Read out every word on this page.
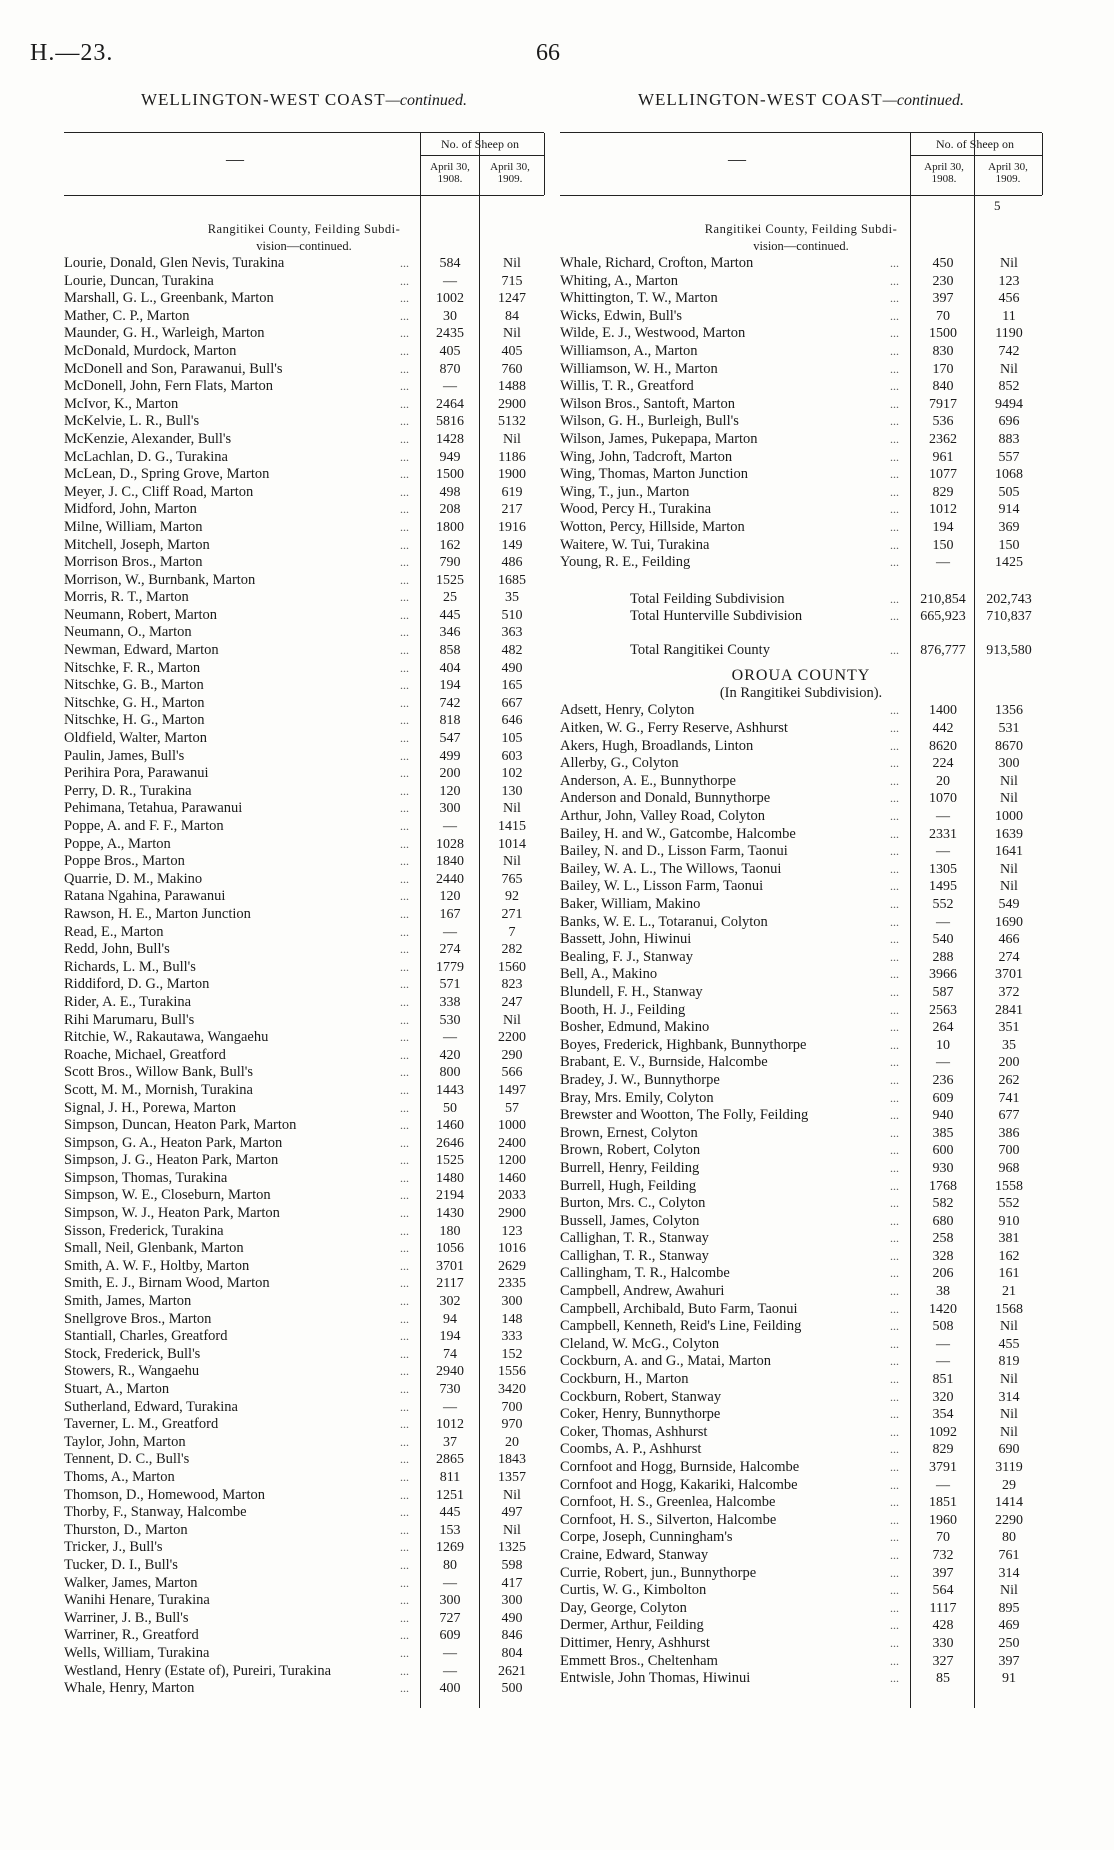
H.—23.	66
WELLINGTON-WEST COAST—continued.
—
No. of Sheep on
April 30, 1908.
April 30, 1909.
Rangitikei County, Feilding Subdi-
vision—continued.
Lourie, Donald, Glen Nevis, Turakina	...	584	Nil
Lourie, Duncan, Turakina	...	—	715
Marshall, G. L., Greenbank, Marton	...	1002	1247
Mather, C. P., Marton	...	30	84
Maunder, G. H., Warleigh, Marton	...	2435	Nil
McDonald, Murdock, Marton	...	405	405
McDonell and Son, Parawanui, Bull's	...	870	760
McDonell, John, Fern Flats, Marton	...	—	1488
McIvor, K., Marton	...	2464	2900
McKelvie, L. R., Bull's	...	5816	5132
McKenzie, Alexander, Bull's	...	1428	Nil
McLachlan, D. G., Turakina	...	949	1186
McLean, D., Spring Grove, Marton	...	1500	1900
Meyer, J. C., Cliff Road, Marton	...	498	619
Midford, John, Marton	...	208	217
Milne, William, Marton	...	1800	1916
Mitchell, Joseph, Marton	...	162	149
Morrison Bros., Marton	...	790	486
Morrison, W., Burnbank, Marton	...	1525	1685
Morris, R. T., Marton	...	25	35
Neumann, Robert, Marton	...	445	510
Neumann, O., Marton	...	346	363
Newman, Edward, Marton	...	858	482
Nitschke, F. R., Marton	...	404	490
Nitschke, G. B., Marton	...	194	165
Nitschke, G. H., Marton	...	742	667
Nitschke, H. G., Marton	...	818	646
Oldfield, Walter, Marton	...	547	105
Paulin, James, Bull's	...	499	603
Perihira Pora, Parawanui	...	200	102
Perry, D. R., Turakina	...	120	130
Pehimana, Tetahua, Parawanui	...	300	Nil
Poppe, A. and F. F., Marton	...	—	1415
Poppe, A., Marton	...	1028	1014
Poppe Bros., Marton	...	1840	Nil
Quarrie, D. M., Makino	...	2440	765
Ratana Ngahina, Parawanui	...	120	92
Rawson, H. E., Marton Junction	...	167	271
Read, E., Marton	...	—	7
Redd, John, Bull's	...	274	282
Richards, L. M., Bull's	...	1779	1560
Riddiford, D. G., Marton	...	571	823
Rider, A. E., Turakina	...	338	247
Rihi Marumaru, Bull's	...	530	Nil
Ritchie, W., Rakautawa, Wangaehu	...	—	2200
Roache, Michael, Greatford	...	420	290
Scott Bros., Willow Bank, Bull's	...	800	566
Scott, M. M., Mornish, Turakina	...	1443	1497
Signal, J. H., Porewa, Marton	...	50	57
Simpson, Duncan, Heaton Park, Marton	...	1460	1000
Simpson, G. A., Heaton Park, Marton	...	2646	2400
Simpson, J. G., Heaton Park, Marton	...	1525	1200
Simpson, Thomas, Turakina	...	1480	1460
Simpson, W. E., Closeburn, Marton	...	2194	2033
Simpson, W. J., Heaton Park, Marton	...	1430	2900
Sisson, Frederick, Turakina	...	180	123
Small, Neil, Glenbank, Marton	...	1056	1016
Smith, A. W. F., Holtby, Marton	...	3701	2629
Smith, E. J., Birnam Wood, Marton	...	2117	2335
Smith, James, Marton	...	302	300
Snellgrove Bros., Marton	...	94	148
Stantiall, Charles, Greatford	...	194	333
Stock, Frederick, Bull's	...	74	152
Stowers, R., Wangaehu	...	2940	1556
Stuart, A., Marton	...	730	3420
Sutherland, Edward, Turakina	...	—	700
Taverner, L. M., Greatford	...	1012	970
Taylor, John, Marton	...	37	20
Tennent, D. C., Bull's	...	2865	1843
Thoms, A., Marton	...	811	1357
Thomson, D., Homewood, Marton	...	1251	Nil
Thorby, F., Stanway, Halcombe	...	445	497
Thurston, D., Marton	...	153	Nil
Tricker, J., Bull's	...	1269	1325
Tucker, D. I., Bull's	...	80	598
Walker, James, Marton	...	—	417
Wanihi Henare, Turakina	...	300	300
Warriner, J. B., Bull's	...	727	490
Warriner, R., Greatford	...	609	846
Wells, William, Turakina	...	—	804
Westland, Henry (Estate of), Pureiri, Turakina	...	—	2621
Whale, Henry, Marton	...	400	500
WELLINGTON-WEST COAST—continued.
—
No. of Sheep on
April 30, 1908.
April 30, 1909.
5
Rangitikei County, Feilding Subdi-
vision—continued.
Whale, Richard, Crofton, Marton	...	450	Nil
Whiting, A., Marton	...	230	123
Whittington, T. W., Marton	...	397	456
Wicks, Edwin, Bull's	...	70	11
Wilde, E. J., Westwood, Marton	...	1500	1190
Williamson, A., Marton	...	830	742
Williamson, W. H., Marton	...	170	Nil
Willis, T. R., Greatford	...	840	852
Wilson Bros., Santoft, Marton	...	7917	9494
Wilson, G. H., Burleigh, Bull's	...	536	696
Wilson, James, Pukepapa, Marton	...	2362	883
Wing, John, Tadcroft, Marton	...	961	557
Wing, Thomas, Marton Junction	...	1077	1068
Wing, T., jun., Marton	...	829	505
Wood, Percy H., Turakina	...	1012	914
Wotton, Percy, Hillside, Marton	...	194	369
Waitere, W. Tui, Turakina	...	150	150
Young, R. E., Feilding	...	—	1425
Total Feilding Subdivision	...	210,854	202,743
Total Hunterville Subdivision	...	665,923	710,837
Total Rangitikei County	...	876,777	913,580
OROUA COUNTY
(In Rangitikei Subdivision).
Adsett, Henry, Colyton	...	1400	1356
Aitken, W. G., Ferry Reserve, Ashhurst	...	442	531
Akers, Hugh, Broadlands, Linton	...	8620	8670
Allerby, G., Colyton	...	224	300
Anderson, A. E., Bunnythorpe	...	20	Nil
Anderson and Donald, Bunnythorpe	...	1070	Nil
Arthur, John, Valley Road, Colyton	...	—	1000
Bailey, H. and W., Gatcombe, Halcombe	...	2331	1639
Bailey, N. and D., Lisson Farm, Taonui	...	—	1641
Bailey, W. A. L., The Willows, Taonui	...	1305	Nil
Bailey, W. L., Lisson Farm, Taonui	...	1495	Nil
Baker, William, Makino	...	552	549
Banks, W. E. L., Totaranui, Colyton	...	—	1690
Bassett, John, Hiwinui	...	540	466
Bealing, F. J., Stanway	...	288	274
Bell, A., Makino	...	3966	3701
Blundell, F. H., Stanway	...	587	372
Booth, H. J., Feilding	...	2563	2841
Bosher, Edmund, Makino	...	264	351
Boyes, Frederick, Highbank, Bunnythorpe	...	10	35
Brabant, E. V., Burnside, Halcombe	...	—	200
Bradey, J. W., Bunnythorpe	...	236	262
Bray, Mrs. Emily, Colyton	...	609	741
Brewster and Wootton, The Folly, Feilding	...	940	677
Brown, Ernest, Colyton	...	385	386
Brown, Robert, Colyton	...	600	700
Burrell, Henry, Feilding	...	930	968
Burrell, Hugh, Feilding	...	1768	1558
Burton, Mrs. C., Colyton	...	582	552
Bussell, James, Colyton	...	680	910
Callighan, T. R., Stanway	...	258	381
Callighan, T. R., Stanway	...	328	162
Callingham, T. R., Halcombe	...	206	161
Campbell, Andrew, Awahuri	...	38	21
Campbell, Archibald, Buto Farm, Taonui	...	1420	1568
Campbell, Kenneth, Reid's Line, Feilding	...	508	Nil
Cleland, W. McG., Colyton	...	—	455
Cockburn, A. and G., Matai, Marton	...	—	819
Cockburn, H., Marton	...	851	Nil
Cockburn, Robert, Stanway	...	320	314
Coker, Henry, Bunnythorpe	...	354	Nil
Coker, Thomas, Ashhurst	...	1092	Nil
Coombs, A. P., Ashhurst	...	829	690
Cornfoot and Hogg, Burnside, Halcombe	...	3791	3119
Cornfoot and Hogg, Kakariki, Halcombe	...	—	29
Cornfoot, H. S., Greenlea, Halcombe	...	1851	1414
Cornfoot, H. S., Silverton, Halcombe	...	1960	2290
Corpe, Joseph, Cunningham's	...	70	80
Craine, Edward, Stanway	...	732	761
Currie, Robert, jun., Bunnythorpe	...	397	314
Curtis, W. G., Kimbolton	...	564	Nil
Day, George, Colyton	...	1117	895
Dermer, Arthur, Feilding	...	428	469
Dittimer, Henry, Ashhurst	...	330	250
Emmett Bros., Cheltenham	...	327	397
Entwisle, John Thomas, Hiwinui	...	85	91
